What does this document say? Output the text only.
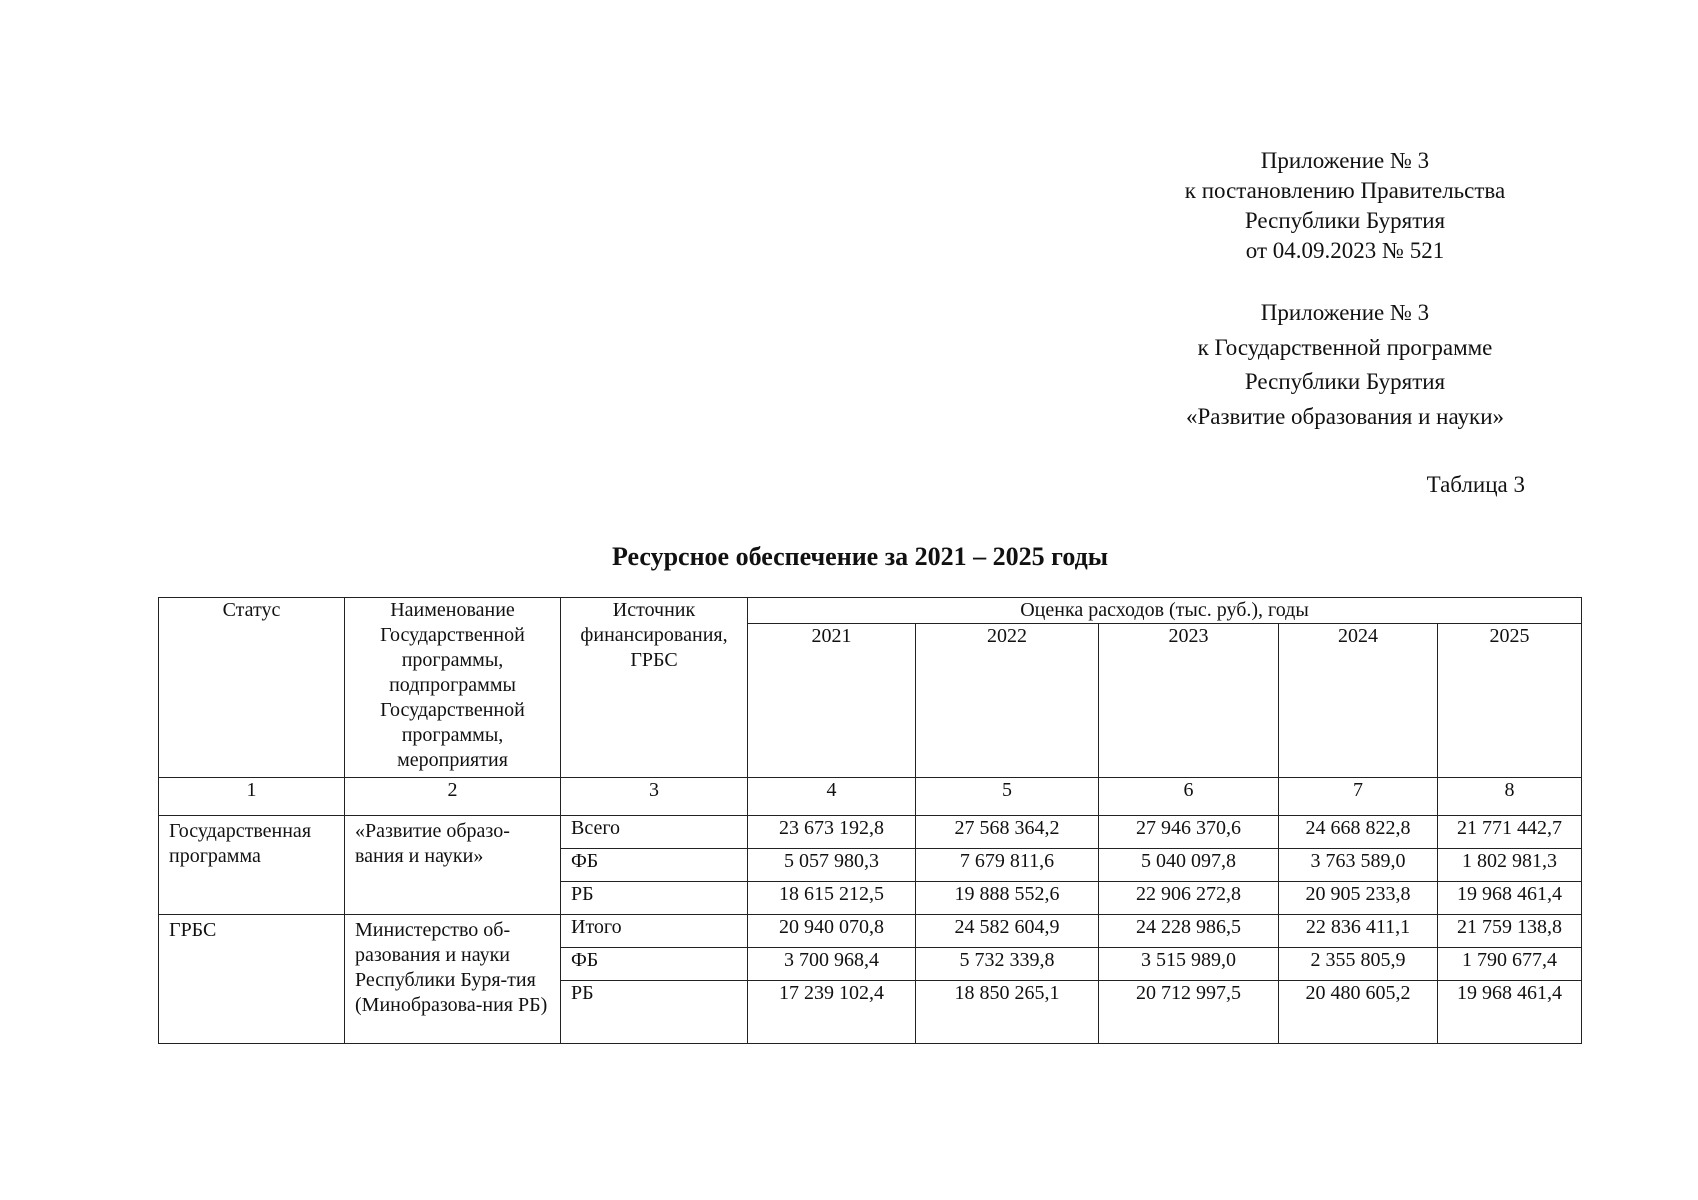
Приложение № 3
к постановлению Правительства
Республики Бурятия
от 04.09.2023 № 521
Приложение № 3
к Государственной программе
Республики Бурятия
«Развитие образования и науки»
Таблица 3
Ресурсное обеспечение за 2021 – 2025 годы
Статус	Наименование Государственной программы, подпрограммы Государственной программы, мероприятия	Источник финансирования, ГРБС	Оценка расходов (тыс. руб.), годы				
			2021	2022	2023	2024	2025
1	2	3	4	5	6	7	8
Государственная программа	«Развитие образо-вания и науки»	Всего	23 673 192,8	27 568 364,2	27 946 370,6	24 668 822,8	21 771 442,7
		ФБ	5 057 980,3	7 679 811,6	5 040 097,8	3 763 589,0	1 802 981,3
		РБ	18 615 212,5	19 888 552,6	22 906 272,8	20 905 233,8	19 968 461,4
ГРБС	Министерство об-разования и науки Республики Буря-тия (Минобразова-ния РБ)	Итого	20 940 070,8	24 582 604,9	24 228 986,5	22 836 411,1	21 759 138,8
		ФБ	3 700 968,4	5 732 339,8	3 515 989,0	2 355 805,9	1 790 677,4
		РБ	17 239 102,4	18 850 265,1	20 712 997,5	20 480 605,2	19 968 461,4
